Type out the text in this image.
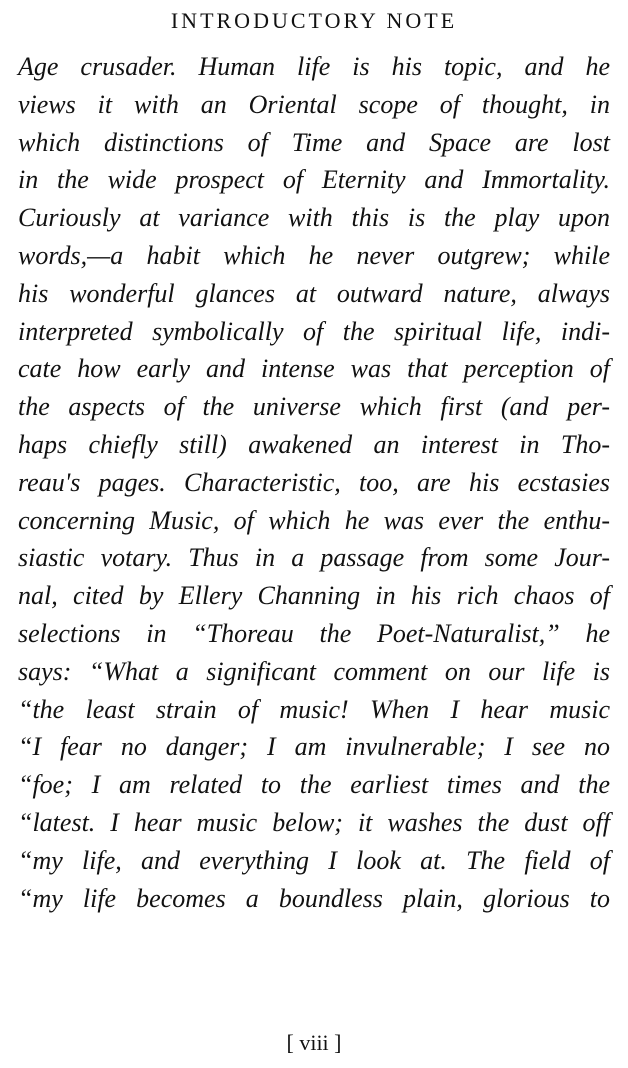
INTRODUCTORY NOTE
Age crusader. Human life is his topic, and he
views it with an Oriental scope of thought, in
which distinctions of Time and Space are lost
in the wide prospect of Eternity and Immortality.
Curiously at variance with this is the play upon
words,—a habit which he never outgrew; while
his wonderful glances at outward nature, always
interpreted symbolically of the spiritual life, indi-
cate how early and intense was that perception of
the aspects of the universe which first (and per-
haps chiefly still) awakened an interest in Tho-
reau's pages. Characteristic, too, are his ecstasies
concerning Music, of which he was ever the enthu-
siastic votary. Thus in a passage from some Jour-
nal, cited by Ellery Channing in his rich chaos of
selections in “Thoreau the Poet-Naturalist,” he
says: “What a significant comment on our life is
“the least strain of music! When I hear music
“I fear no danger; I am invulnerable; I see no
“foe; I am related to the earliest times and the
“latest. I hear music below; it washes the dust off
“my life, and everything I look at. The field of
“my life becomes a boundless plain, glorious to
[ viii ]
